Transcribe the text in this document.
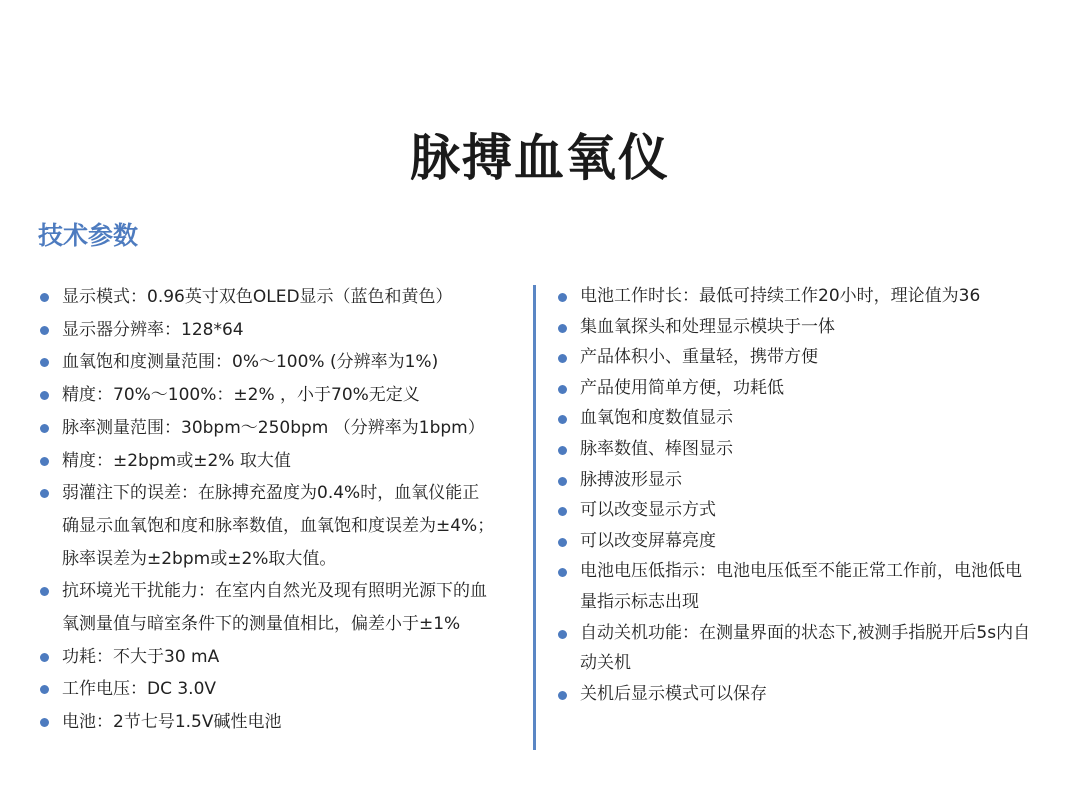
脉搏血氧仪
技术参数
显示模式：0.96英寸双色OLED显示（蓝色和黄色）
显示器分辨率：128*64
血氧饱和度测量范围：0%～100% (分辨率为1%)
精度：70%～100%：±2% ，小于70%无定义
脉率测量范围：30bpm～250bpm （分辨率为1bpm）
精度：±2bpm或±2% 取大值
弱灌注下的误差：在脉搏充盈度为0.4%时，血氧仪能正
确显示血氧饱和度和脉率数值，血氧饱和度误差为±4%；
脉率误差为±2bpm或±2%取大值。
抗环境光干扰能力：在室内自然光及现有照明光源下的血
氧测量值与暗室条件下的测量值相比，偏差小于±1%
功耗：不大于30 mA
工作电压：DC 3.0V
电池：2节七号1.5V碱性电池
电池工作时长：最低可持续工作20小时，理论值为36
集血氧探头和处理显示模块于一体
产品体积小、重量轻，携带方便
产品使用简单方便，功耗低
血氧饱和度数值显示
脉率数值、棒图显示
脉搏波形显示
可以改变显示方式
可以改变屏幕亮度
电池电压低指示：电池电压低至不能正常工作前，电池低电
量指示标志出现
自动关机功能：在测量界面的状态下,被测手指脱开后5s内自
动关机
关机后显示模式可以保存
